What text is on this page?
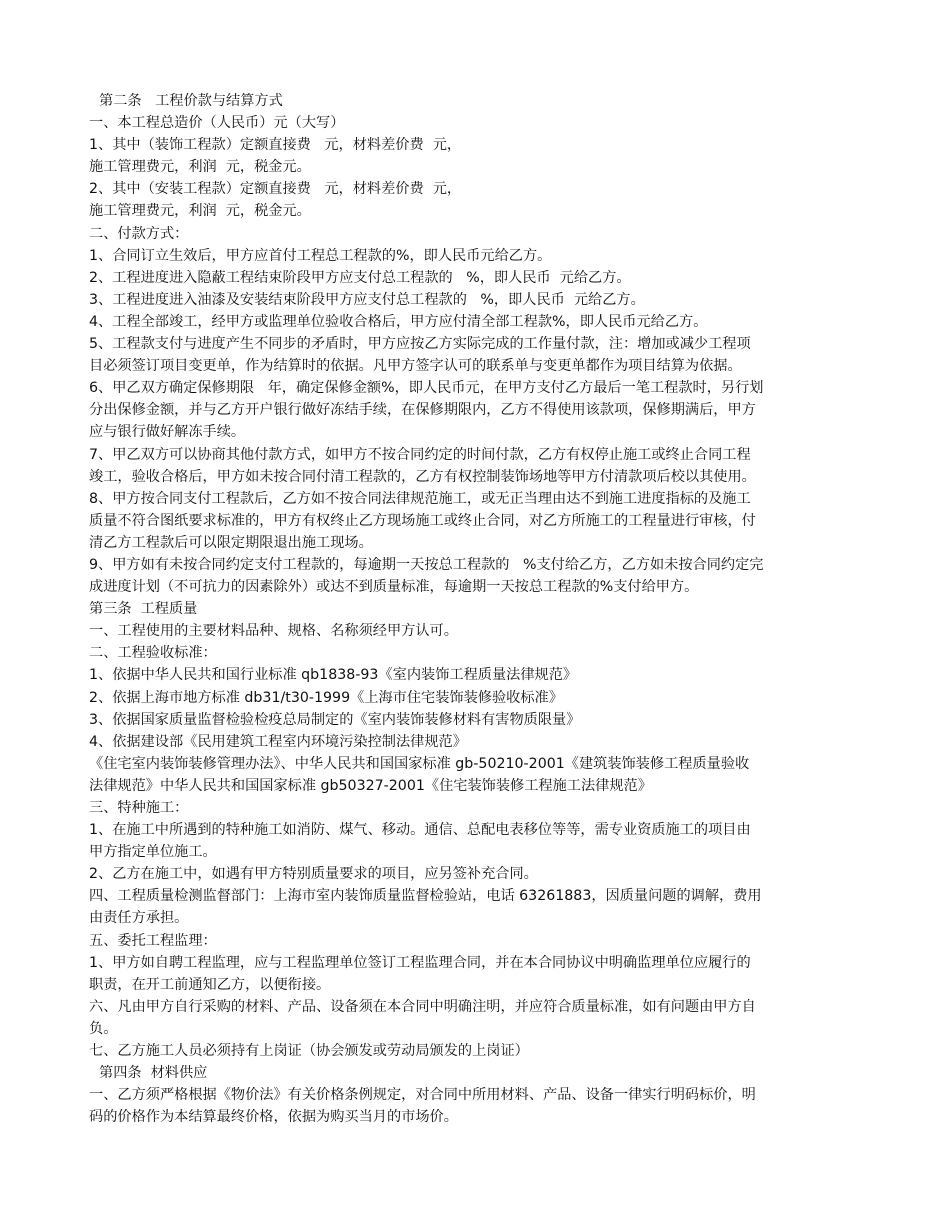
第二条   工程价款与结算方式
一、本工程总造价（人民币）元（大写）
1、其中（装饰工程款）定额直接费   元，材料差价费  元，
施工管理费元，利润  元，税金元。
2、其中（安装工程款）定额直接费   元，材料差价费  元，
施工管理费元，利润  元，税金元。
二、付款方式：
1、合同订立生效后，甲方应首付工程总工程款的%，即人民币元给乙方。
2、工程进度进入隐蔽工程结束阶段甲方应支付总工程款的   %，即人民币  元给乙方。
3、工程进度进入油漆及安装结束阶段甲方应支付总工程款的   %，即人民币  元给乙方。
4、工程全部竣工，经甲方或监理单位验收合格后，甲方应付清全部工程款%，即人民币元给乙方。
5、工程款支付与进度产生不同步的矛盾时，甲方应按乙方实际完成的工作量付款，注：增加或减少工程项
目必须签订项目变更单，作为结算时的依据。凡甲方签字认可的联系单与变更单都作为项目结算为依据。
6、甲乙双方确定保修期限   年，确定保修金额%，即人民币元，在甲方支付乙方最后一笔工程款时，另行划
分出保修金额，并与乙方开户银行做好冻结手续，在保修期限内，乙方不得使用该款项，保修期满后，甲方
应与银行做好解冻手续。
7、甲乙双方可以协商其他付款方式，如甲方不按合同约定的时间付款，乙方有权停止施工或终止合同工程
竣工，验收合格后，甲方如未按合同付清工程款的，乙方有权控制装饰场地等甲方付清款项后校以其使用。
8、甲方按合同支付工程款后，乙方如不按合同法律规范施工，或无正当理由达不到施工进度指标的及施工
质量不符合图纸要求标准的，甲方有权终止乙方现场施工或终止合同，对乙方所施工的工程量进行审核，付
清乙方工程款后可以限定期限退出施工现场。
9、甲方如有未按合同约定支付工程款的，每逾期一天按总工程款的   %支付给乙方，乙方如未按合同约定完
成进度计划（不可抗力的因素除外）或达不到质量标准，每逾期一天按总工程款的%支付给甲方。
第三条  工程质量
一、工程使用的主要材料品种、规格、名称须经甲方认可。
二、工程验收标准：
1、依据中华人民共和国行业标准 qb1838-93《室内装饰工程质量法律规范》
2、依据上海市地方标准 db31/t30-1999《上海市住宅装饰装修验收标准》
3、依据国家质量监督检验检疫总局制定的《室内装饰装修材料有害物质限量》
4、依据建设部《民用建筑工程室内环境污染控制法律规范》
《住宅室内装饰装修管理办法》、中华人民共和国国家标准 gb-50210-2001《建筑装饰装修工程质量验收
法律规范》中华人民共和国国家标准 gb50327-2001《住宅装饰装修工程施工法律规范》
三、特种施工：
1、在施工中所遇到的特种施工如消防、煤气、移动。通信、总配电表移位等等，需专业资质施工的项目由
甲方指定单位施工。
2、乙方在施工中，如遇有甲方特别质量要求的项目，应另签补充合同。
四、工程质量检测监督部门：上海市室内装饰质量监督检验站，电话 63261883，因质量问题的调解，费用
由责任方承担。
五、委托工程监理：
1、甲方如自聘工程监理，应与工程监理单位签订工程监理合同，并在本合同协议中明确监理单位应履行的
职责，在开工前通知乙方，以便衔接。
六、凡由甲方自行采购的材料、产品、设备须在本合同中明确注明，并应符合质量标准，如有问题由甲方自
负。
七、乙方施工人员必须持有上岗证（协会颁发或劳动局颁发的上岗证）
第四条  材料供应
一、乙方须严格根据《物价法》有关价格条例规定，对合同中所用材料、产品、设备一律实行明码标价，明
码的价格作为本结算最终价格，依据为购买当月的市场价。
